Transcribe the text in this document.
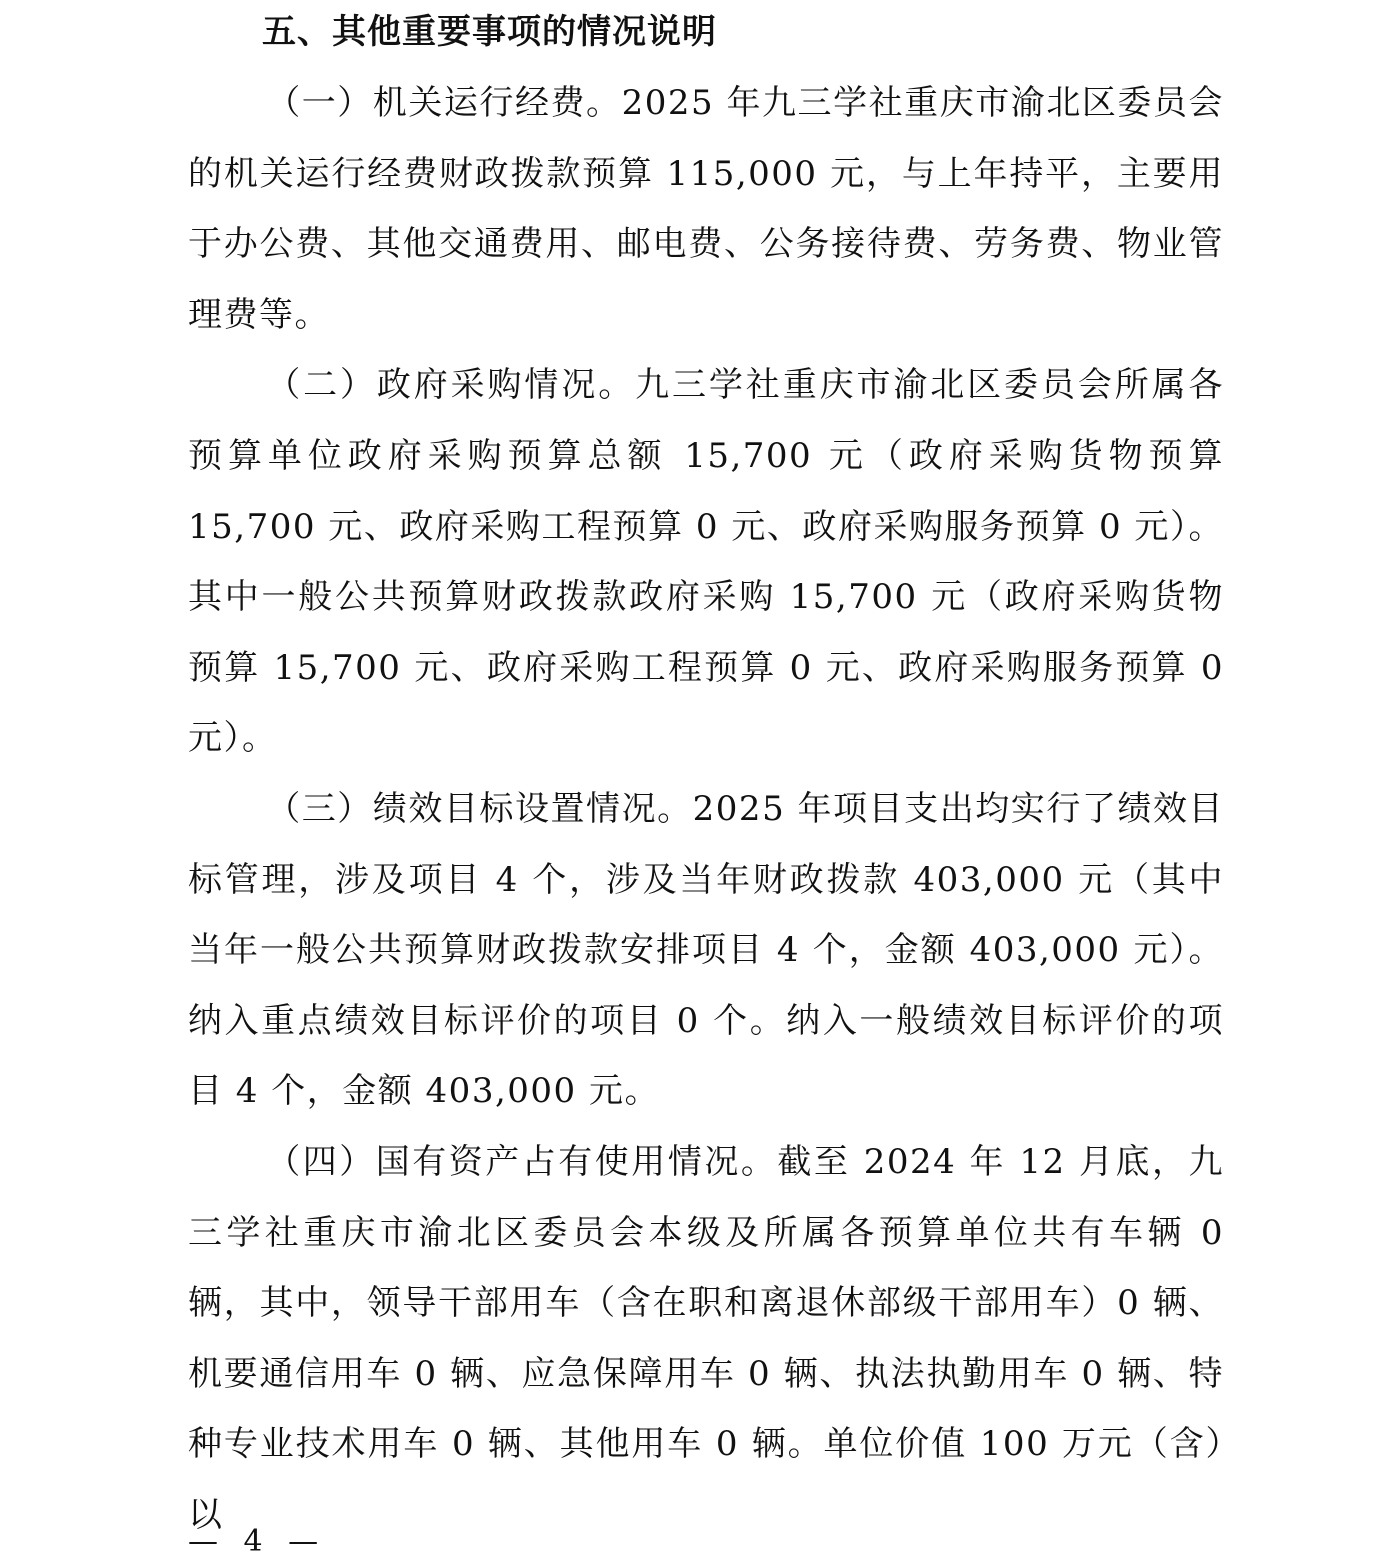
五、其他重要事项的情况说明

（一）机关运行经费。2025 年九三学社重庆市渝北区委员会的机关运行经费财政拨款预算 115,000 元，与上年持平，主要用于办公费、其他交通费用、邮电费、公务接待费、劳务费、物业管理费等。

（二）政府采购情况。九三学社重庆市渝北区委员会所属各预算单位政府采购预算总额 15,700 元（政府采购货物预算 15,700 元、政府采购工程预算 0 元、政府采购服务预算 0 元）。其中一般公共预算财政拨款政府采购 15,700 元（政府采购货物预算 15,700 元、政府采购工程预算 0 元、政府采购服务预算 0 元）。

（三）绩效目标设置情况。2025 年项目支出均实行了绩效目标管理，涉及项目 4 个，涉及当年财政拨款 403,000 元（其中当年一般公共预算财政拨款安排项目 4 个，金额 403,000 元）。纳入重点绩效目标评价的项目 0 个。纳入一般绩效目标评价的项目 4 个，金额 403,000 元。

（四）国有资产占有使用情况。截至 2024 年 12 月底，九三学社重庆市渝北区委员会本级及所属各预算单位共有车辆 0 辆，其中，领导干部用车（含在职和离退休部级干部用车）0 辆、机要通信用车 0 辆、应急保障用车 0 辆、执法执勤用车 0 辆、特种专业技术用车 0 辆、其他用车 0 辆。单位价值 100 万元（含）以

— 4 —
